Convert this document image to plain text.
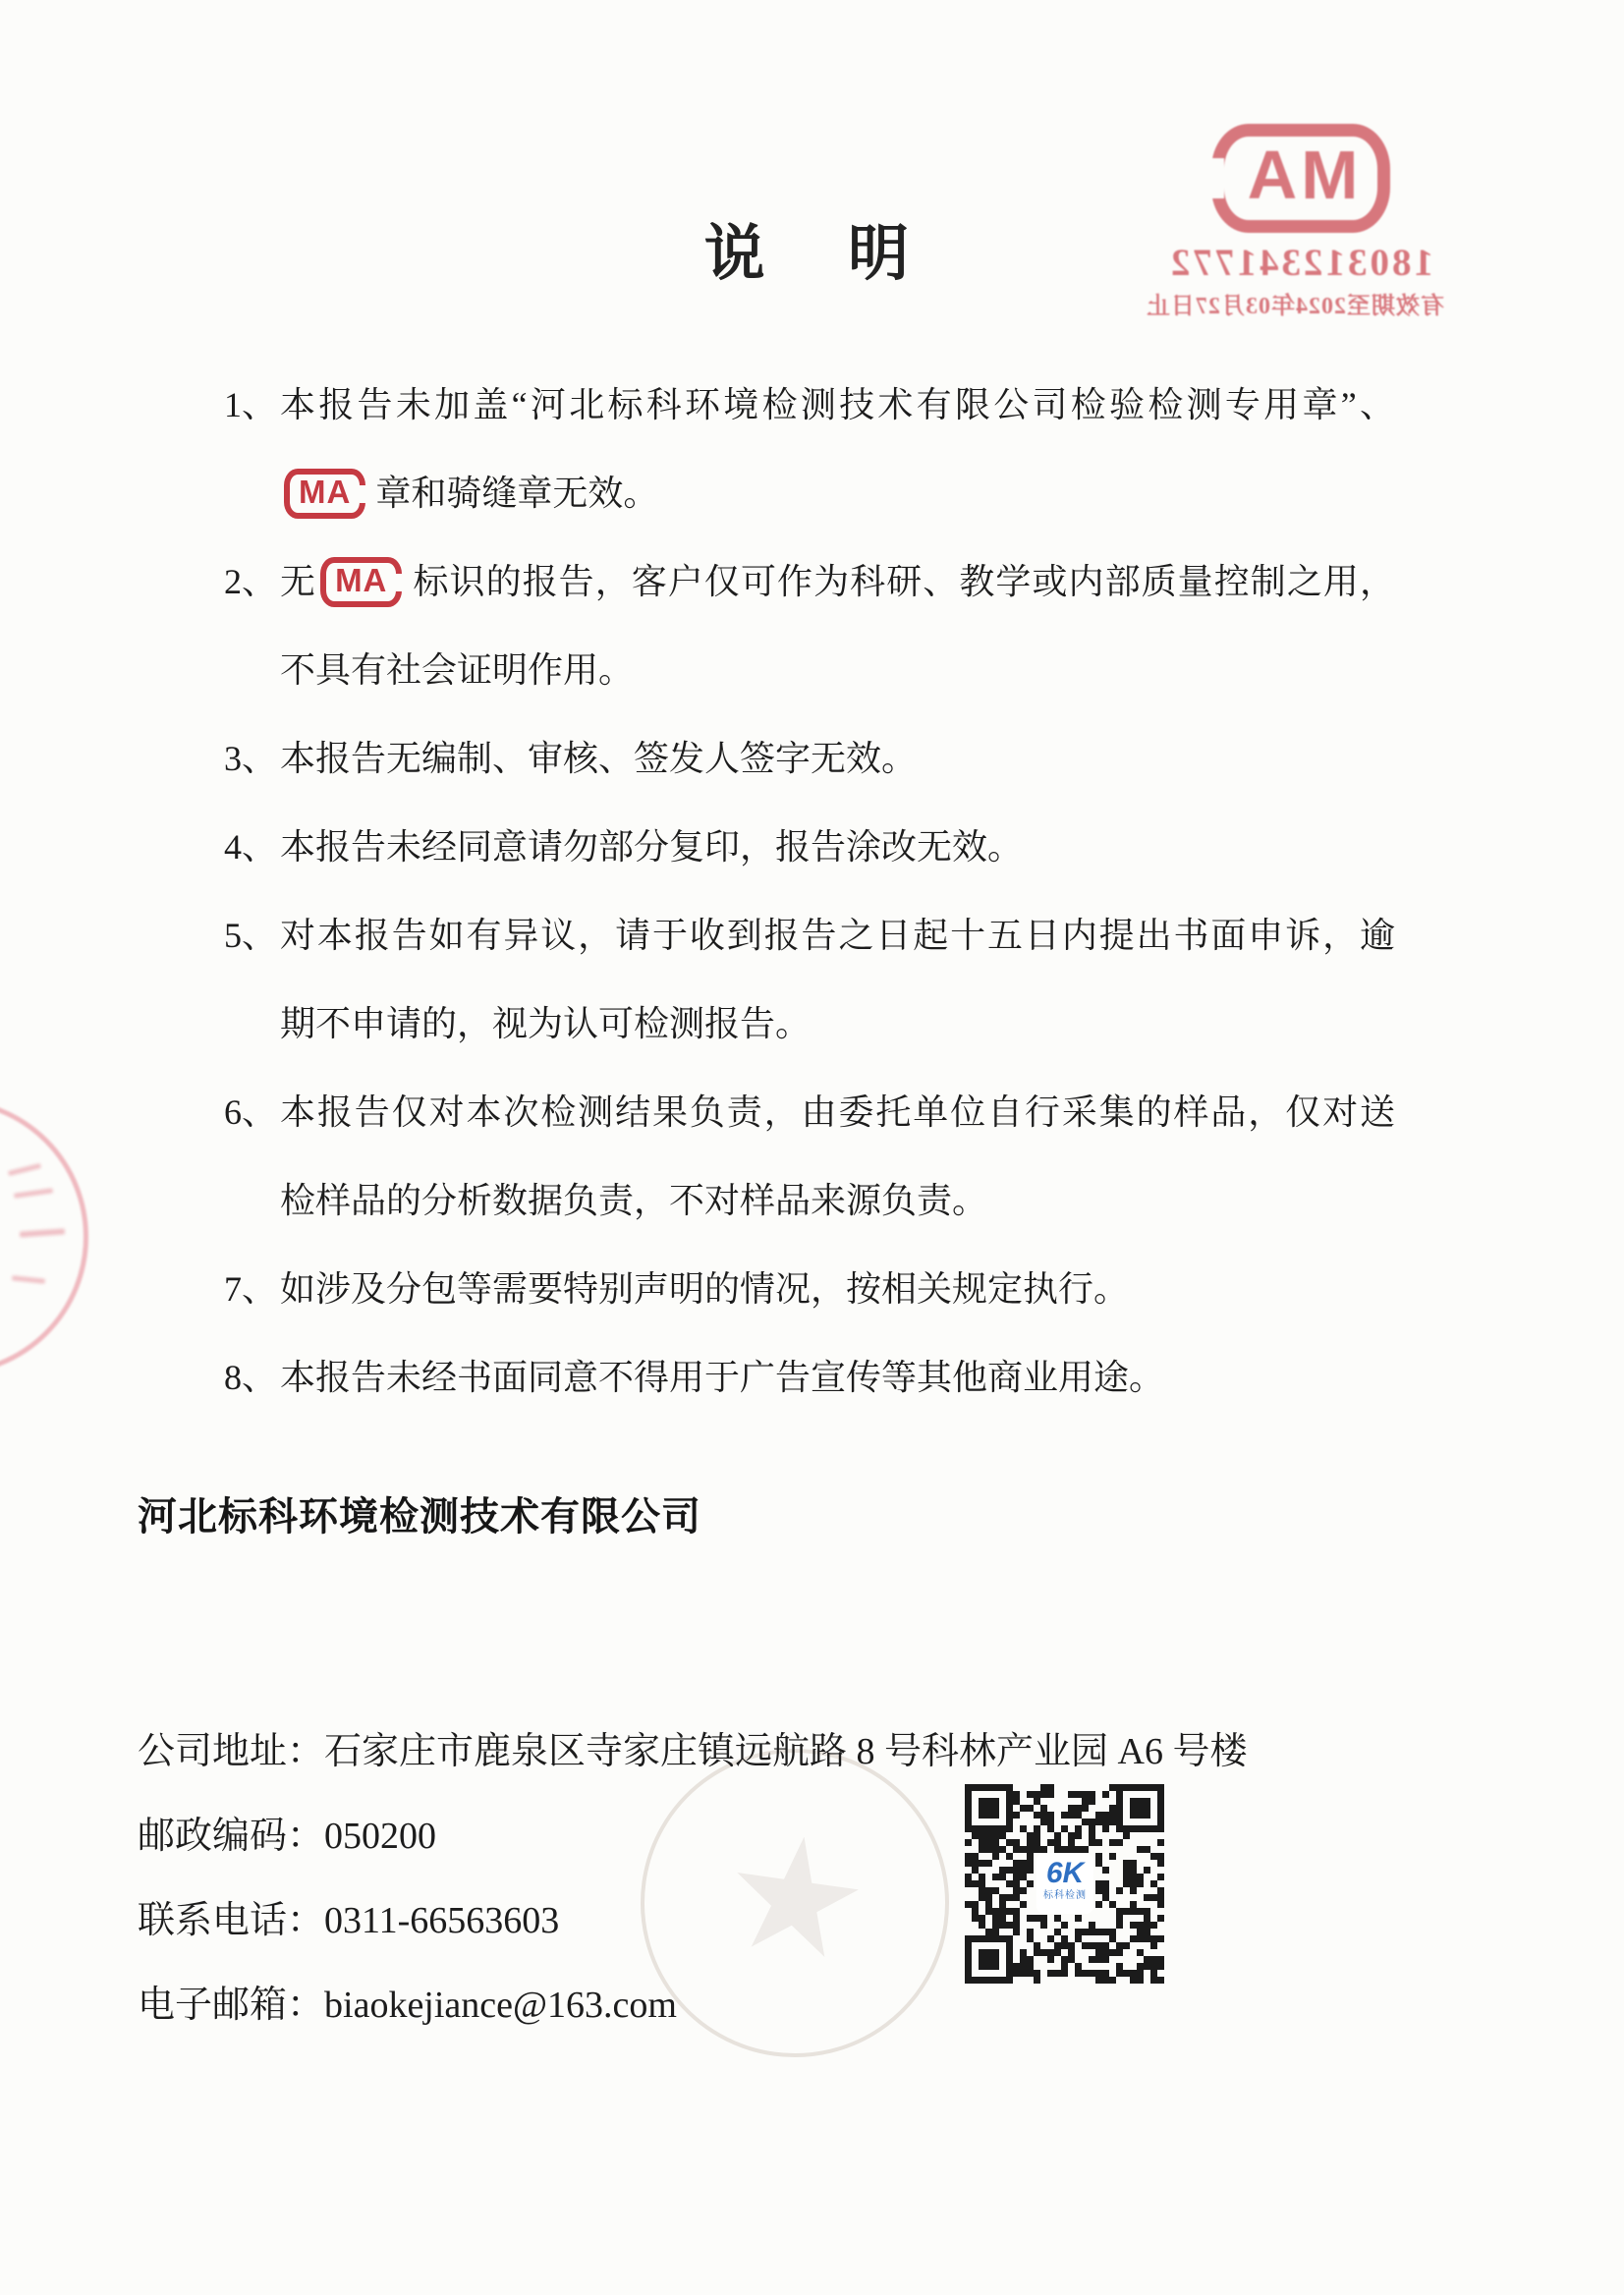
说　明
MA
180312341772
有效期至2024年03月27日止
1、 本报告未加盖“河北标科环境检测技术有限公司检验检测专用章”、
MA 章和骑缝章无效。
2、 无 MA 标识的报告，客户仅可作为科研、教学或内部质量控制之用，
不具有社会证明作用。
3、 本报告无编制、审核、签发人签字无效。
4、 本报告未经同意请勿部分复印，报告涂改无效。
5、 对本报告如有异议，请于收到报告之日起十五日内提出书面申诉，逾
期不申请的，视为认可检测报告。
6、 本报告仅对本次检测结果负责，由委托单位自行采集的样品，仅对送
检样品的分析数据负责，不对样品来源负责。
7、 如涉及分包等需要特别声明的情况，按相关规定执行。
8、 本报告未经书面同意不得用于广告宣传等其他商业用途。
河北标科环境检测技术有限公司
公司地址：石家庄市鹿泉区寺家庄镇远航路 8 号科林产业园 A6 号楼
邮政编码：050200
联系电话：0311-66563603
电子邮箱：biaokejiance@163.com
6K
标科检测
